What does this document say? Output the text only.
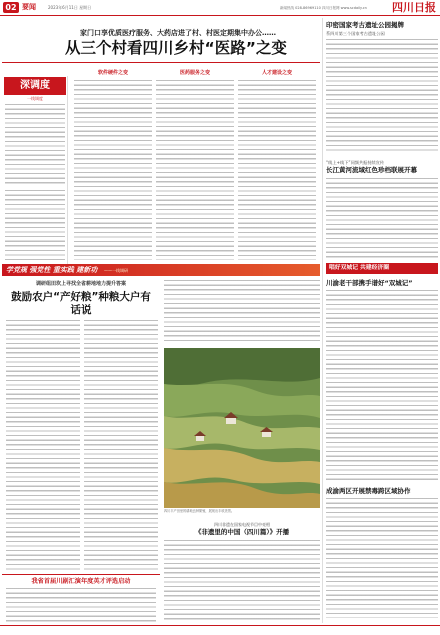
02 要闻	2023年6月11日 星期日	新闻热线 028-86969110 四川日报网 www.scdaily.cn	四川日报
家门口享优质医疗服务、大药店进了村、村医定期集中办公……
从三个村看四川乡村“医路”之变
深调度
一线调度
软件硬件之变	医药服务之变	人才建设之变
印密国家考古遗址公园揭牌
系四川第三个国家考古遗址公园
“线上+线下”同频共振持续宣传
长江黄河流域红色珍档联展开幕
学党规 强党性 重实践 建新功 ——一线调研
调研组田坎上寻找全省耕地地力提升答案
鼓励农户“产好粮”种粮大户有话说
四川丰产田里的耕地良种繁殖，展现出丰收美景。
四川非遗在国家电视节目中亮相
《非遗里的中国（四川篇）》开播
我省首届川剧汇演年度英才评选启动
唱好双城记 共建经济圈
川渝老干部携手谱好“双城记”
成渝两区开展禁毒跨区域协作
